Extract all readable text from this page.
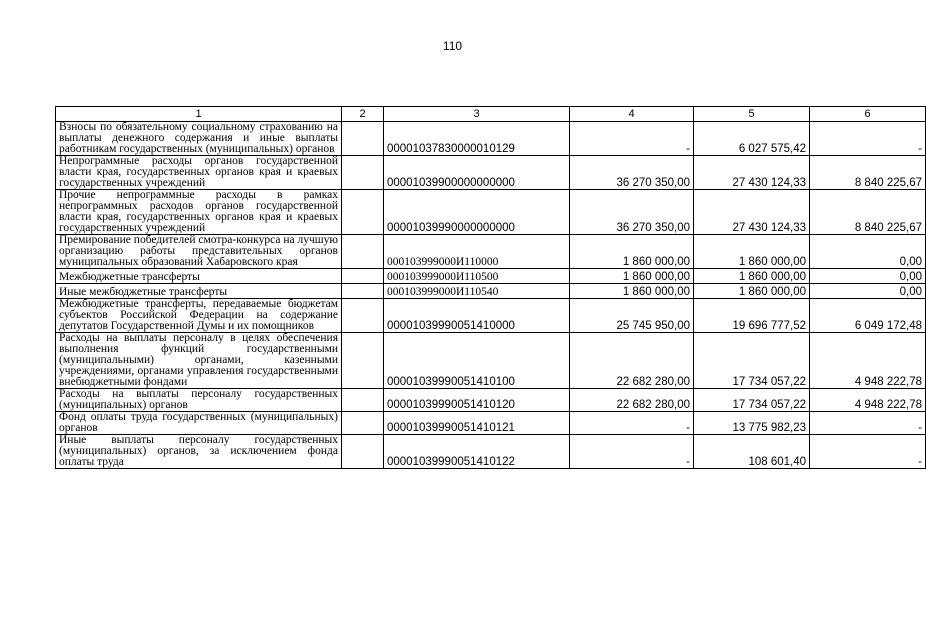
110
1	2	3	4	5	6
Взносы по обязательному социальному страхованию на выплаты денежного содержания и иные выплаты работникам государственных (муниципальных) органов		00001037830000010129	-	6 027 575,42	-
Непрограммные расходы органов государственной власти края, государственных органов края и краевых государственных учреждений		00001039900000000000	36 270 350,00	27 430 124,33	8 840 225,67
Прочие непрограммные расходы в рамках непрограммных расходов органов государственной власти края, государственных органов края и краевых государственных учреждений		00001039990000000000	36 270 350,00	27 430 124,33	8 840 225,67
Премирование победителей смотра-конкурса на лучшую организацию работы представительных органов муниципальных образований Хабаровского края		000103999000И110000	1 860 000,00	1 860 000,00	0,00
Межбюджетные трансферты		000103999000И110500	1 860 000,00	1 860 000,00	0,00
Иные межбюджетные трансферты		000103999000И110540	1 860 000,00	1 860 000,00	0,00
Межбюджетные трансферты, передаваемые бюджетам субъектов Российской Федерации на содержание депутатов Государственной Думы и их помощников		00001039990051410000	25 745 950,00	19 696 777,52	6 049 172,48
Расходы на выплаты персоналу в целях обеспечения выполнения функций государственными (муниципальными) органами, казенными учреждениями, органами управления государственными внебюджетными фондами		00001039990051410100	22 682 280,00	17 734 057,22	4 948 222,78
Расходы на выплаты персоналу государственных (муниципальных) органов		00001039990051410120	22 682 280,00	17 734 057,22	4 948 222,78
Фонд оплаты труда государственных (муниципальных) органов		00001039990051410121	-	13 775 982,23	-
Иные выплаты персоналу государственных (муниципальных) органов, за исключением фонда оплаты труда		00001039990051410122	-	108 601,40	-
